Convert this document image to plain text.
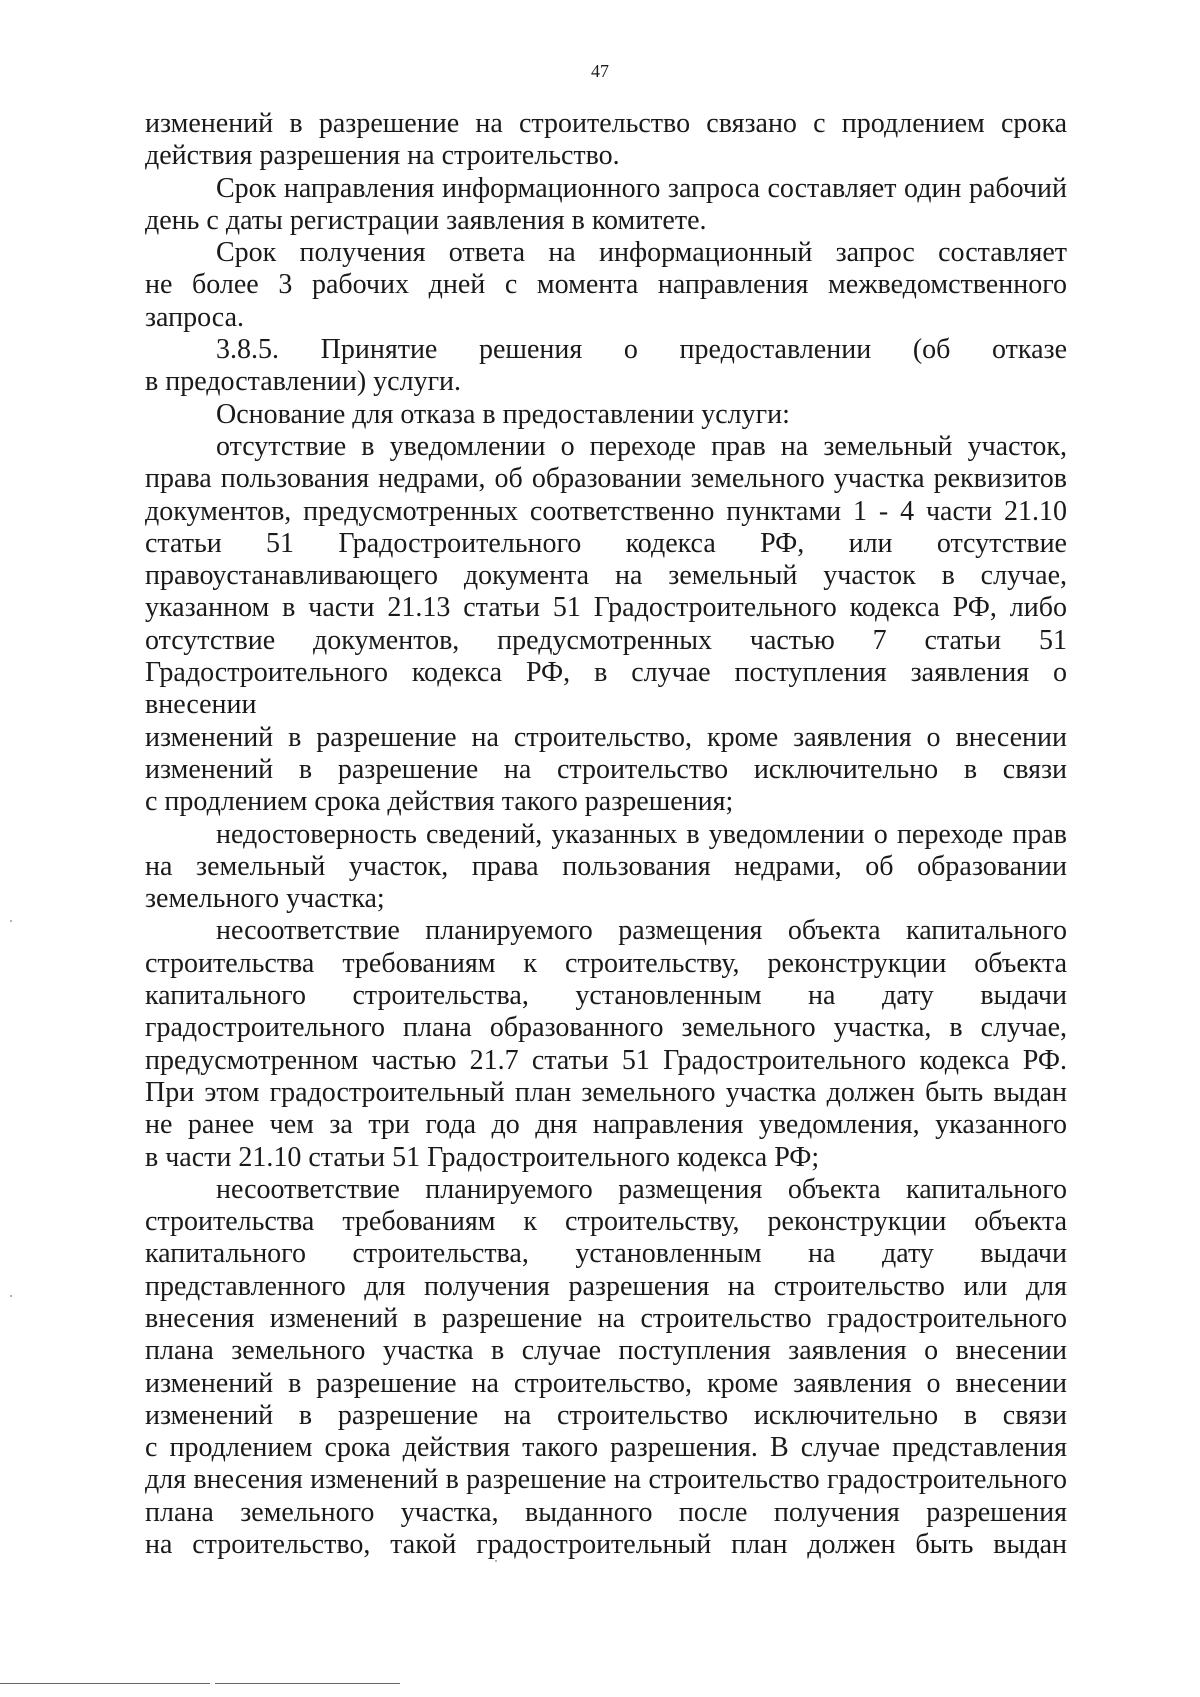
47

изменений в разрешение на строительство связано с продлением срока

действия разрешения на строительство.

Срок направления информационного запроса составляет один рабочий

день с даты регистрации заявления в комитете.

Срок получения ответа на информационный запрос составляет

не более 3 рабочих дней с момента направления межведомственного

запроса.

3.8.5. Принятие решения о предоставлении (об отказе

в предоставлении) услуги.

Основание для отказа в предоставлении услуги:

отсутствие в уведомлении о переходе прав на земельный участок,

права пользования недрами, об образовании земельного участка реквизитов

документов, предусмотренных соответственно пунктами 1 - 4 части 21.10

статьи 51 Градостроительного кодекса РФ, или отсутствие

правоустанавливающего документа на земельный участок в случае,

указанном в части 21.13 статьи 51 Градостроительного кодекса РФ, либо

отсутствие документов, предусмотренных частью 7 статьи 51

Градостроительного кодекса РФ, в случае поступления заявления о внесении

изменений в разрешение на строительство, кроме заявления о внесении

изменений в разрешение на строительство исключительно в связи

с продлением срока действия такого разрешения;

недостоверность сведений, указанных в уведомлении о переходе прав

на земельный участок, права пользования недрами, об образовании

земельного участка;

несоответствие планируемого размещения объекта капитального

строительства требованиям к строительству, реконструкции объекта

капитального строительства, установленным на дату выдачи

градостроительного плана образованного земельного участка, в случае,

предусмотренном частью 21.7 статьи 51 Градостроительного кодекса РФ.

При этом градостроительный план земельного участка должен быть выдан

не ранее чем за три года до дня направления уведомления, указанного

в части 21.10 статьи 51 Градостроительного кодекса РФ;

несоответствие планируемого размещения объекта капитального

строительства требованиям к строительству, реконструкции объекта

капитального строительства, установленным на дату выдачи

представленного для получения разрешения на строительство или для

внесения изменений в разрешение на строительство градостроительного

плана земельного участка в случае поступления заявления о внесении

изменений в разрешение на строительство, кроме заявления о внесении

изменений в разрешение на строительство исключительно в связи

с продлением срока действия такого разрешения. В случае представления

для внесения изменений в разрешение на строительство градостроительного

плана земельного участка, выданного после получения разрешения

на строительство, такой градостроительный план должен быть выдан
